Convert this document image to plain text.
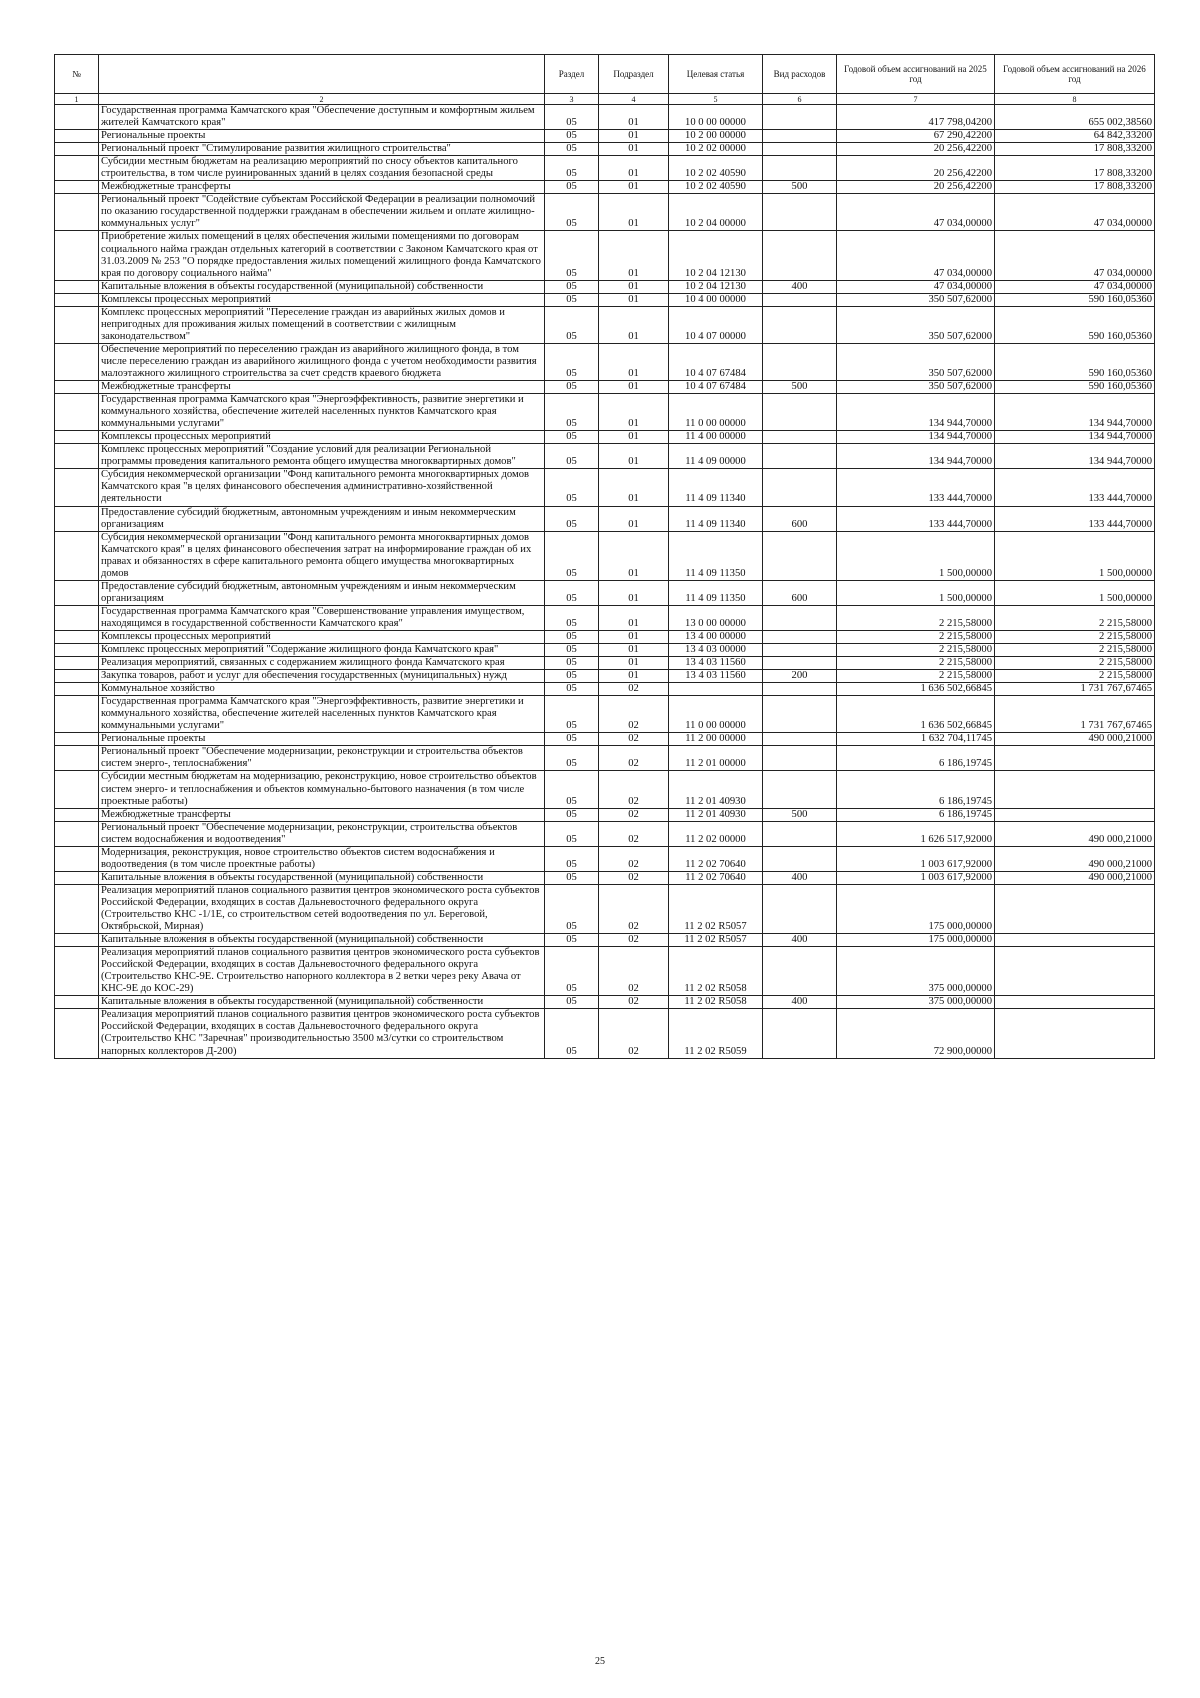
№		Раздел	Подраздел	Целевая статья	Вид расходов	Годовой объем ассигнований на 2025 год	Годовой объем ассигнований на 2026 год
1	2	3	4	5	6	7	8
	Государственная программа Камчатского края "Обеспечение доступным и комфортным жильем жителей Камчатского края"	05	01	10 0 00 00000		417 798,04200	655 002,38560
	Региональные проекты	05	01	10 2 00 00000		67 290,42200	64 842,33200
	Региональный проект "Стимулирование развития жилищного строительства"	05	01	10 2 02 00000		20 256,42200	17 808,33200
	Субсидии местным бюджетам на реализацию мероприятий по сносу объектов капитального строительства, в том числе руинированных зданий в целях создания безопасной среды	05	01	10 2 02 40590		20 256,42200	17 808,33200
	Межбюджетные трансферты	05	01	10 2 02 40590	500	20 256,42200	17 808,33200
	Региональный проект "Содействие субъектам Российской Федерации в реализации полномочий по оказанию государственной поддержки гражданам в обеспечении жильем и оплате жилищно-коммунальных услуг"	05	01	10 2 04 00000		47 034,00000	47 034,00000
	Приобретение жилых помещений в целях обеспечения жилыми помещениями по договорам социального найма граждан отдельных категорий в соответствии с Законом Камчатского края от 31.03.2009 № 253 "О порядке предоставления жилых помещений жилищного фонда Камчатского края по договору социального найма"	05	01	10 2 04 12130		47 034,00000	47 034,00000
	Капитальные вложения в объекты государственной (муниципальной) собственности	05	01	10 2 04 12130	400	47 034,00000	47 034,00000
	Комплексы процессных мероприятий	05	01	10 4 00 00000		350 507,62000	590 160,05360
	Комплекс процессных мероприятий "Переселение граждан из аварийных жилых домов и непригодных для проживания жилых помещений в соответствии с жилищным законодательством"	05	01	10 4 07 00000		350 507,62000	590 160,05360
	Обеспечение мероприятий по переселению граждан из аварийного жилищного фонда, в том числе переселению граждан из аварийного жилищного фонда с учетом необходимости развития малоэтажного жилищного строительства за счет средств краевого бюджета	05	01	10 4 07 67484		350 507,62000	590 160,05360
	Межбюджетные трансферты	05	01	10 4 07 67484	500	350 507,62000	590 160,05360
	Государственная программа Камчатского края "Энергоэффективность, развитие энергетики и коммунального хозяйства, обеспечение жителей населенных пунктов Камчатского края коммунальными услугами"	05	01	11 0 00 00000		134 944,70000	134 944,70000
	Комплексы процессных мероприятий	05	01	11 4 00 00000		134 944,70000	134 944,70000
	Комплекс процессных мероприятий "Создание условий для реализации Региональной программы проведения капитального ремонта общего имущества многоквартирных домов"	05	01	11 4 09 00000		134 944,70000	134 944,70000
	Субсидия некоммерческой организации "Фонд капитального ремонта многоквартирных домов Камчатского края "в целях финансового обеспечения административно-хозяйственной деятельности	05	01	11 4 09 11340		133 444,70000	133 444,70000
	Предоставление субсидий бюджетным, автономным учреждениям и иным некоммерческим организациям	05	01	11 4 09 11340	600	133 444,70000	133 444,70000
	Субсидия некоммерческой организации "Фонд капитального ремонта многоквартирных домов Камчатского края" в целях финансового обеспечения затрат на информирование граждан об их правах и обязанностях в сфере капитального ремонта общего имущества многоквартирных домов	05	01	11 4 09 11350		1 500,00000	1 500,00000
	Предоставление субсидий бюджетным, автономным учреждениям и иным некоммерческим организациям	05	01	11 4 09 11350	600	1 500,00000	1 500,00000
	Государственная программа Камчатского края "Совершенствование управления имуществом, находящимся в государственной собственности Камчатского края"	05	01	13 0 00 00000		2 215,58000	2 215,58000
	Комплексы процессных мероприятий	05	01	13 4 00 00000		2 215,58000	2 215,58000
	Комплекс процессных мероприятий "Содержание жилищного фонда Камчатского края"	05	01	13 4 03 00000		2 215,58000	2 215,58000
	Реализация мероприятий, связанных с содержанием жилищного фонда Камчатского края	05	01	13 4 03 11560		2 215,58000	2 215,58000
	Закупка товаров, работ и услуг для обеспечения государственных (муниципальных) нужд	05	01	13 4 03 11560	200	2 215,58000	2 215,58000
	Коммунальное хозяйство	05	02			1 636 502,66845	1 731 767,67465
	Государственная программа Камчатского края "Энергоэффективность, развитие энергетики и коммунального хозяйства, обеспечение жителей населенных пунктов Камчатского края коммунальными услугами"	05	02	11 0 00 00000		1 636 502,66845	1 731 767,67465
	Региональные проекты	05	02	11 2 00 00000		1 632 704,11745	490 000,21000
	Региональный проект "Обеспечение модернизации, реконструкции и строительства объектов систем энерго-, теплоснабжения"	05	02	11 2 01 00000		6 186,19745	
	Субсидии местным бюджетам на модернизацию, реконструкцию, новое строительство объектов систем энерго- и теплоснабжения и объектов коммунально-бытового назначения (в том числе проектные работы)	05	02	11 2 01 40930		6 186,19745	
	Межбюджетные трансферты	05	02	11 2 01 40930	500	6 186,19745	
	Региональный проект "Обеспечение модернизации, реконструкции, строительства объектов систем водоснабжения и водоотведения"	05	02	11 2 02 00000		1 626 517,92000	490 000,21000
	Модернизация, реконструкция, новое строительство объектов систем водоснабжения и водоотведения (в том числе проектные работы)	05	02	11 2 02 70640		1 003 617,92000	490 000,21000
	Капитальные вложения в объекты государственной (муниципальной) собственности	05	02	11 2 02 70640	400	1 003 617,92000	490 000,21000
	Реализация мероприятий планов социального развития центров экономического роста субъектов Российской Федерации, входящих в состав Дальневосточного федерального округа (Строительство КНС -1/1Е, со строительством сетей водоотведения по ул. Береговой, Октябрьской, Мирная)	05	02	11 2 02 R5057		175 000,00000	
	Капитальные вложения в объекты государственной (муниципальной) собственности	05	02	11 2 02 R5057	400	175 000,00000	
	Реализация мероприятий планов социального развития центров экономического роста субъектов Российской Федерации, входящих в состав Дальневосточного федерального округа (Строительство КНС-9Е. Строительство напорного коллектора в 2 ветки через реку Авача от КНС-9Е до КОС-29)	05	02	11 2 02 R5058		375 000,00000	
	Капитальные вложения в объекты государственной (муниципальной) собственности	05	02	11 2 02 R5058	400	375 000,00000	
	Реализация мероприятий планов социального развития центров экономического роста субъектов Российской Федерации, входящих в состав Дальневосточного федерального округа (Строительство КНС "Заречная" производительностью 3500 м3/сутки со строительством напорных коллекторов Д-200)	05	02	11 2 02 R5059		72 900,00000	
25
